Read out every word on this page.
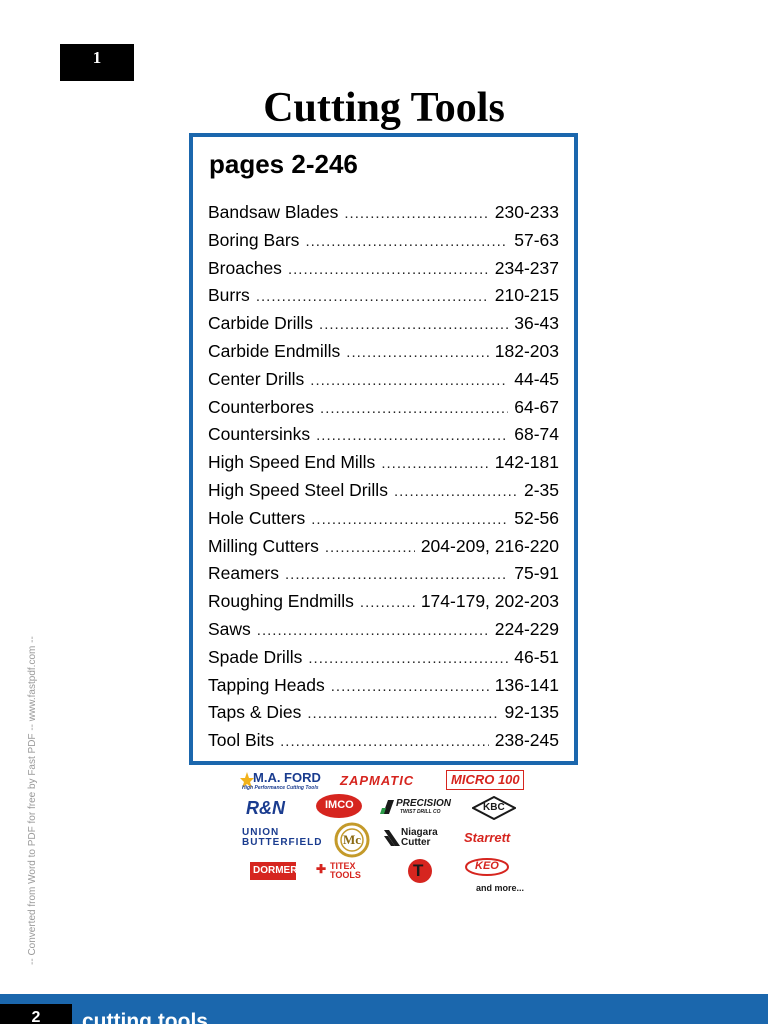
1
Cutting Tools
pages 2-246
Bandsaw Blades .....	230-233
Boring Bars .....	57-63
Broaches .....	234-237
Burrs .....	210-215
Carbide Drills .....	36-43
Carbide Endmills .....	182-203
Center Drills .....	44-45
Counterbores .....	64-67
Countersinks .....	68-74
High Speed End Mills .....	142-181
High Speed Steel Drills .....	2-35
Hole Cutters .....	52-56
Milling Cutters .....	204-209, 216-220
Reamers .....	75-91
Roughing Endmills .....	174-179, 202-203
Saws .....	224-229
Spade Drills .....	46-51
Tapping Heads .....	136-141
Taps & Dies .....	92-135
Tool Bits .....	238-245
M.A. FORD
High Performance Cutting Tools ZAPMATIC	MICRO 100
R&N	IMCO	PRECISION
TWIST DRILL CO	KBC
UNION
BUTTERFIELD Mc	Niagara
Cutter	Starrett
DORMER ✚ TITEX
TOOLS	T	KEO
and more...
-- Converted from Word to PDF for free by Fast PDF -- www.fastpdf.com --
2	cutting tools
